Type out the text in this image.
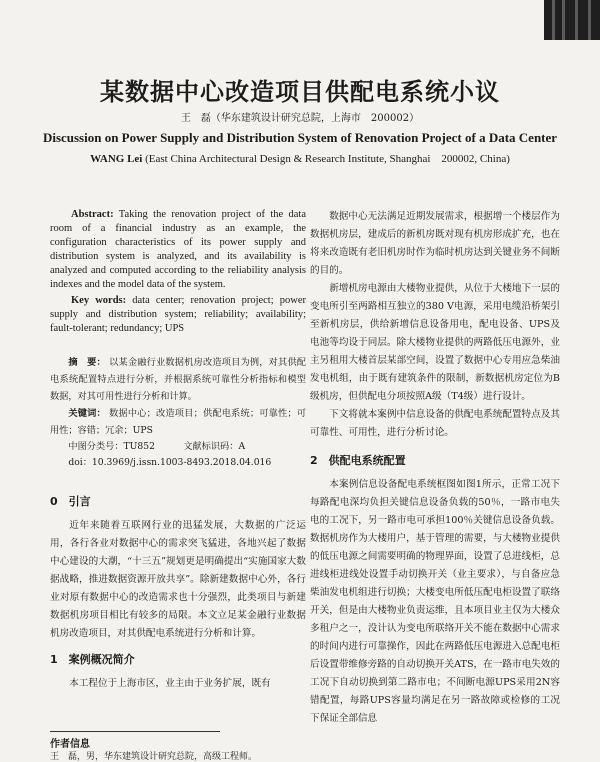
某数据中心改造项目供配电系统小议
王　磊（华东建筑设计研究总院，上海市　200002）
Discussion on Power Supply and Distribution System of Renovation Project of a Data Center
WANG Lei (East China Architectural Design & Research Institute, Shanghai　200002, China)
Abstract: Taking the renovation project of the data room of a financial industry as an example, the configuration characteristics of its power supply and distribution system is analyzed, and its availability is analyzed and computed according to the reliability analysis indexes and the model data of the system.
Key words: data center; renovation project; power supply and distribution system; reliability; availability; fault-tolerant; redundancy; UPS
摘　要： 以某金融行业数据机房改造项目为例，对其供配电系统配置特点进行分析，并根据系统可靠性分析指标和模型数据，对其可用性进行分析和计算。
关键词： 数据中心；改造项目；供配电系统；可靠性；可用性；容错；冗余；UPS
中图分类号：TU852	文献标识码：A
doi：10.3969/j.issn.1003-8493.2018.04.016
0　引言

近年来随着互联网行业的迅猛发展，大数据的广泛运用，各行各业对数据中心的需求突飞猛进，各地兴起了数据中心建设的大潮，“十三五”规划更是明确提出“实施国家大数据战略，推进数据资源开放共享”。除新建数据中心外，各行业对原有数据中心的改造需求也十分强烈，此类项目与新建数据机房项目相比有较多的局限。本文立足某金融行业数据机房改造项目，对其供配电系统进行分析和计算。

1　案例概况简介

本工程位于上海市区，业主由于业务扩展，既有

数据中心无法满足近期发展需求，根据增一个楼层作为数据机房层，建成后的新机房既对现有机房形成扩充，也在将来改造既有老旧机房时作为临时机房达到关键业务不间断的目的。

新增机房电源由大楼物业提供，从位于大楼地下一层的变电所引至两路相互独立的380 V电源，采用电缆沿桥架引至新机房层，供给新增信息设备用电，配电设备、UPS及电池等均设于同层。除大楼物业提供的两路低压电源外，业主另租用大楼首层某部空间，设置了数据中心专用应急柴油发电机组，由于既有建筑条件的限制，新数据机房定位为B级机房，但供配电分项按照A级（T4级）进行设计。

下文将就本案例中信息设备的供配电系统配置特点及其可靠性、可用性，进行分析讨论。

2　供配电系统配置

本案例信息设备配电系统框图如图1所示，正常工况下每路配电深均负担关键信息设备负载的50％，一路市电失电的工况下，另一路市电可承担100％关键信息设备负载。数据机房作为大楼用户，基于管理的需要，与大楼物业提供的低压电源之间需要明确的物理界面，设置了总进线柜，总进线柜进线处设置手动切换开关（业主要求），与自备应急柴油发电机组进行切换；大楼变电所低压配电柜设置了联络开关，但是由大楼物业负责运维，且本项目业主仅为大楼众多租户之一，没计认为变电所联络开关不能在数据中心需求的时间内进行可靠操作，因此在两路低压电源进入总配电柜后设置带维修旁路的自动切换开关ATS，在一路市电失效的工况下自动切换到第二路市电；不间断电源UPS采用2N容错配置，每路UPS容量均满足在另一路故障或检修的工况下保证全部信息

作者信息
王　磊，男，华东建筑设计研究总院，高级工程师。
